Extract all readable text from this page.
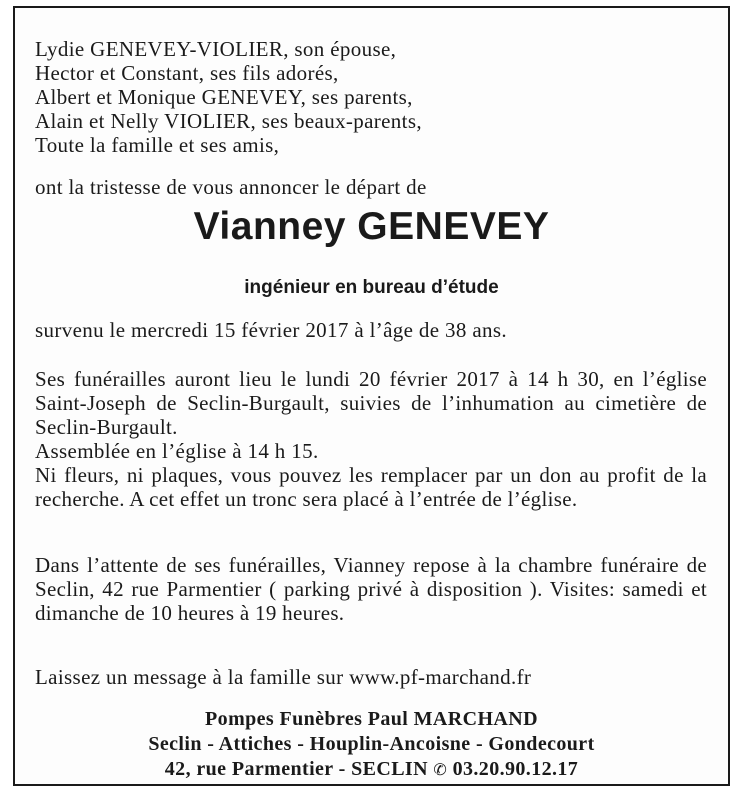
Lydie GENEVEY-VIOLIER, son épouse,
Hector et Constant, ses fils adorés,
Albert et Monique GENEVEY, ses parents,
Alain et Nelly VIOLIER, ses beaux-parents,
Toute la famille et ses amis,
ont la tristesse de vous annoncer le départ de
Vianney GENEVEY
ingénieur en bureau d’étude
survenu le mercredi 15 février 2017 à l’âge de 38 ans.
Ses funérailles auront lieu le lundi 20 février 2017 à 14 h 30, en l’église Saint-Joseph de Seclin-Burgault, suivies de l’inhumation au cimetière de Seclin-Burgault.
Assemblée en l’église à 14 h 15.
Ni fleurs, ni plaques, vous pouvez les remplacer par un don au profit de la recherche. A cet effet un tronc sera placé à l’entrée de l’église.
Dans l’attente de ses funérailles, Vianney repose à la chambre funéraire de Seclin, 42 rue Parmentier ( parking privé à disposition ). Visites: samedi et dimanche de 10 heures à 19 heures.
Laissez un message à la famille sur www.pf-marchand.fr
Pompes Funèbres Paul MARCHAND
Seclin - Attiches - Houplin-Ancoisne - Gondecourt
42, rue Parmentier - SECLIN ✆ 03.20.90.12.17
